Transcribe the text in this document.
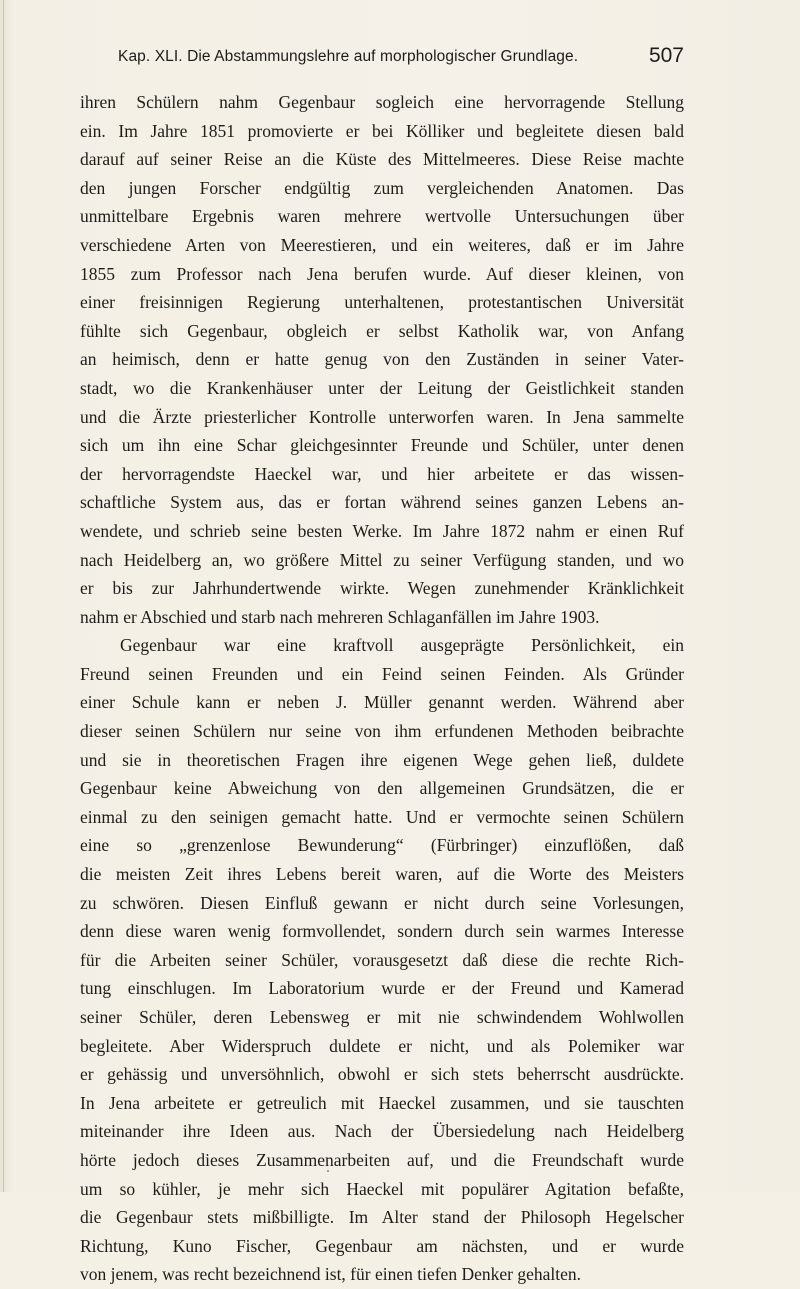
Kap. XLI. Die Abstammungslehre auf morphologischer Grundlage.	507
ihren Schülern nahm Gegenbaur sogleich eine hervorragende Stellung
ein. Im Jahre 1851 promovierte er bei Kölliker und begleitete diesen bald
darauf auf seiner Reise an die Küste des Mittelmeeres. Diese Reise machte
den jungen Forscher endgültig zum vergleichenden Anatomen. Das
unmittelbare Ergebnis waren mehrere wertvolle Untersuchungen über
verschiedene Arten von Meerestieren, und ein weiteres, daß er im Jahre
1855 zum Professor nach Jena berufen wurde. Auf dieser kleinen, von
einer freisinnigen Regierung unterhaltenen, protestantischen Universität
fühlte sich Gegenbaur, obgleich er selbst Katholik war, von Anfang
an heimisch, denn er hatte genug von den Zuständen in seiner Vater-
stadt, wo die Krankenhäuser unter der Leitung der Geistlichkeit standen
und die Ärzte priesterlicher Kontrolle unterworfen waren. In Jena sammelte
sich um ihn eine Schar gleichgesinnter Freunde und Schüler, unter denen
der hervorragendste Haeckel war, und hier arbeitete er das wissen-
schaftliche System aus, das er fortan während seines ganzen Lebens an-
wendete, und schrieb seine besten Werke. Im Jahre 1872 nahm er einen Ruf
nach Heidelberg an, wo größere Mittel zu seiner Verfügung standen, und wo
er bis zur Jahrhundertwende wirkte. Wegen zunehmender Kränklichkeit
nahm er Abschied und starb nach mehreren Schlaganfällen im Jahre 1903.
Gegenbaur war eine kraftvoll ausgeprägte Persönlichkeit, ein
Freund seinen Freunden und ein Feind seinen Feinden. Als Gründer
einer Schule kann er neben J. Müller genannt werden. Während aber
dieser seinen Schülern nur seine von ihm erfundenen Methoden beibrachte
und sie in theoretischen Fragen ihre eigenen Wege gehen ließ, duldete
Gegenbaur keine Abweichung von den allgemeinen Grundsätzen, die er
einmal zu den seinigen gemacht hatte. Und er vermochte seinen Schülern
eine so „grenzenlose Bewunderung“ (Fürbringer) einzuflößen, daß
die meisten Zeit ihres Lebens bereit waren, auf die Worte des Meisters
zu schwören. Diesen Einfluß gewann er nicht durch seine Vorlesungen,
denn diese waren wenig formvollendet, sondern durch sein warmes Interesse
für die Arbeiten seiner Schüler, vorausgesetzt daß diese die rechte Rich-
tung einschlugen. Im Laboratorium wurde er der Freund und Kamerad
seiner Schüler, deren Lebensweg er mit nie schwindendem Wohlwollen
begleitete. Aber Widerspruch duldete er nicht, und als Polemiker war
er gehässig und unversöhnlich, obwohl er sich stets beherrscht ausdrückte.
In Jena arbeitete er getreulich mit Haeckel zusammen, und sie tauschten
miteinander ihre Ideen aus. Nach der Übersiedelung nach Heidelberg
hörte jedoch dieses Zusammenarbeiten auf, und die Freundschaft wurde
um so kühler, je mehr sich Haeckel mit populärer Agitation befaßte,
die Gegenbaur stets mißbilligte. Im Alter stand der Philosoph Hegelscher
Richtung, Kuno Fischer, Gegenbaur am nächsten, und er wurde
von jenem, was recht bezeichnend ist, für einen tiefen Denker gehalten.
